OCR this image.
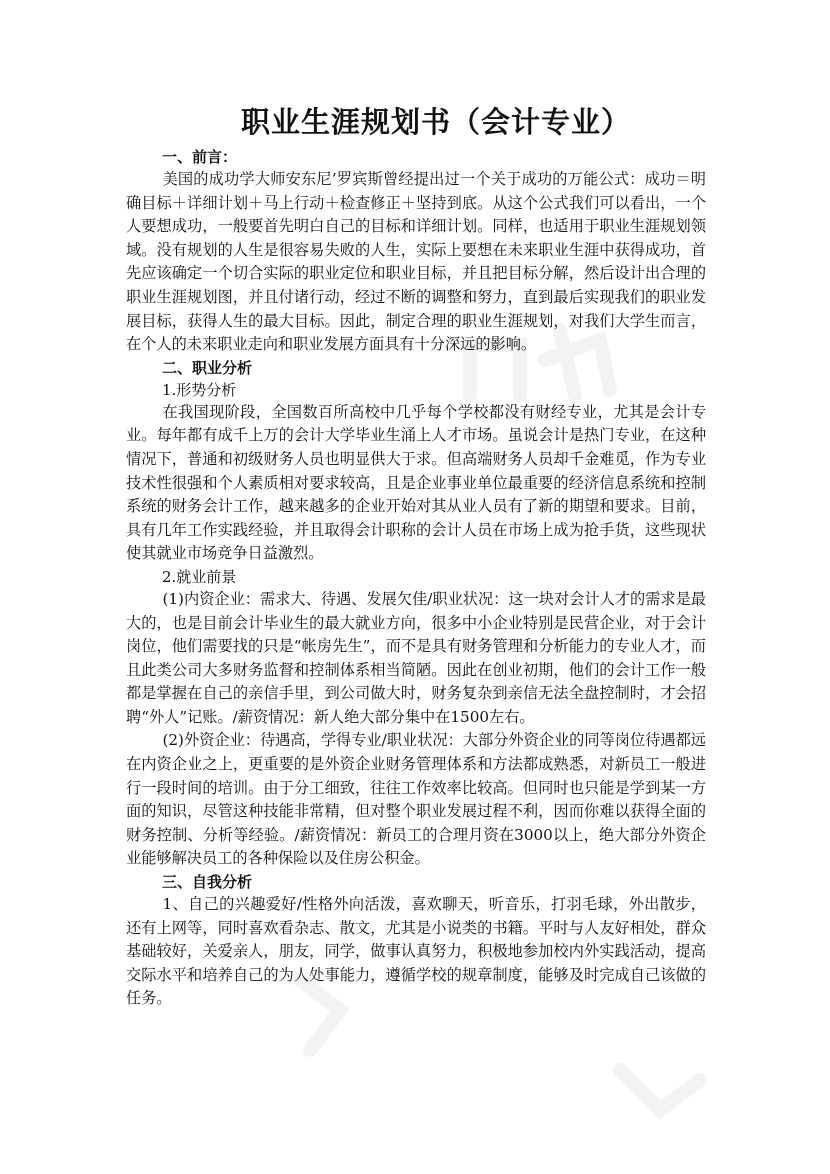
职业生涯规划书（会计专业）
一、前言：

美国的成功学大师安东尼’罗宾斯曾经提出过一个关于成功的万能公式：成功＝明确目标＋详细计划＋马上行动＋检查修正＋坚持到底。从这个公式我们可以看出，一个人要想成功，一般要首先明白自己的目标和详细计划。同样，也适用于职业生涯规划领域。没有规划的人生是很容易失败的人生，实际上要想在未来职业生涯中获得成功，首先应该确定一个切合实际的职业定位和职业目标，并且把目标分解，然后设计出合理的职业生涯规划图，并且付诸行动，经过不断的调整和努力，直到最后实现我们的职业发展目标，获得人生的最大目标。因此，制定合理的职业生涯规划，对我们大学生而言，在个人的未来职业走向和职业发展方面具有十分深远的影响。

二、职业分析
1.形势分析

在我国现阶段，全国数百所高校中几乎每个学校都没有财经专业，尤其是会计专业。每年都有成千上万的会计大学毕业生涌上人才市场。虽说会计是热门专业，在这种情况下，普通和初级财务人员也明显供大于求。但高端财务人员却千金难觅，作为专业技术性很强和个人素质相对要求较高，且是企业事业单位最重要的经济信息系统和控制系统的财务会计工作，越来越多的企业开始对其从业人员有了新的期望和要求。目前，具有几年工作实践经验，并且取得会计职称的会计人员在市场上成为抢手货，这些现状使其就业市场竞争日益激烈。

2.就业前景

(1)内资企业：需求大、待遇、发展欠佳/职业状况：这一块对会计人才的需求是最大的，也是目前会计毕业生的最大就业方向，很多中小企业特别是民营企业，对于会计岗位，他们需要找的只是“帐房先生”，而不是具有财务管理和分析能力的专业人才，而且此类公司大多财务监督和控制体系相当简陋。因此在创业初期，他们的会计工作一般都是掌握在自己的亲信手里，到公司做大时，财务复杂到亲信无法全盘控制时，才会招聘“外人”记账。/薪资情况：新人绝大部分集中在1500左右。

(2)外资企业：待遇高，学得专业/职业状况：大部分外资企业的同等岗位待遇都远在内资企业之上，更重要的是外资企业财务管理体系和方法都成熟悉，对新员工一般进行一段时间的培训。由于分工细致，往往工作效率比较高。但同时也只能是学到某一方面的知识，尽管这种技能非常精，但对整个职业发展过程不利，因而你难以获得全面的财务控制、分析等经验。/薪资情况：新员工的合理月资在3000以上，绝大部分外资企业能够解决员工的各种保险以及住房公积金。

三、自我分析

1、自己的兴趣爱好/性格外向活泼，喜欢聊天，听音乐，打羽毛球，外出散步，还有上网等，同时喜欢看杂志、散文，尤其是小说类的书籍。平时与人友好相处，群众基础较好，关爱亲人，朋友，同学，做事认真努力，积极地参加校内外实践活动，提高交际水平和培养自己的为人处事能力，遵循学校的规章制度，能够及时完成自己该做的任务。
